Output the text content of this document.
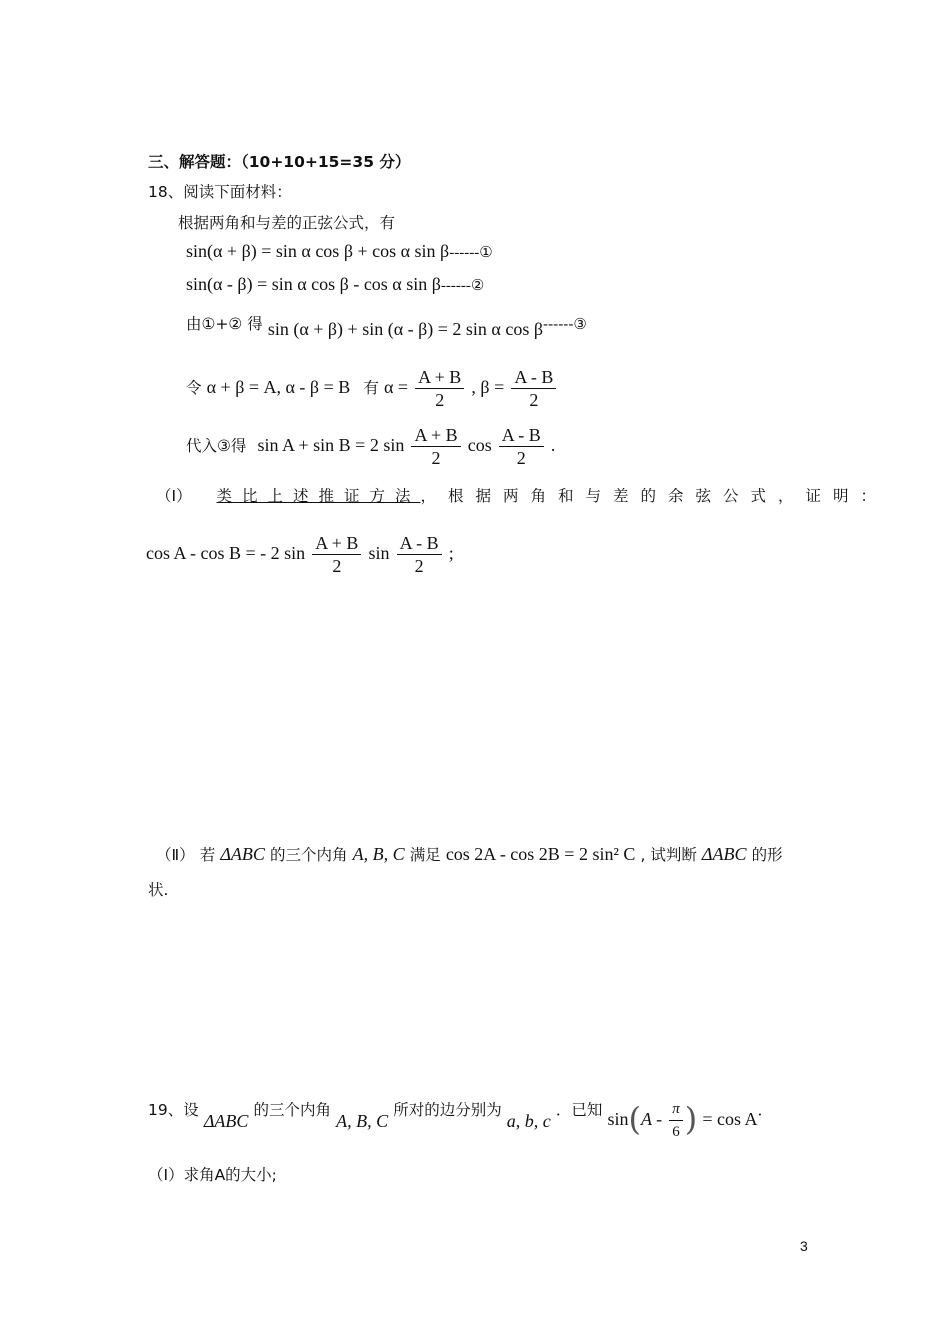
三、解答题：（10+10+15=35 分）
18、阅读下面材料：
根据两角和与差的正弦公式，有
sin(α + β) = sin α cos β + cos α sin β------①
sin(α - β) = sin α cos β - cos α sin β------②
由①+② 得 sin (α + β) + sin (α - β) = 2 sin α cos β------③
令 α + β = A, α - β = B 有 $\alpha = \frac{A + B}{2}$ , $\beta = \frac{A - B}{2}$
代入③得 sin A + sin B = 2 $\sin \frac{A + B}{2}$ $\cos \frac{A - B}{2}$ .
（Ⅰ） 类比上述推证方法，根据两角和与差的余弦公式，证明：
cos A - cos B = - 2 $\sin \frac{A + B}{2}$ $\sin \frac{A - B}{2}$ ;
（Ⅱ） 若 ΔABC 的三个内角 A, B, C 满足 cos 2A - cos 2B = 2 sin² C , 试判断 ΔABC 的形
状.
19、设 ΔABC 的三个内角 A, B, C 所对的边分别为 a, b, c ．已知 $\sin(A - \frac{\pi}{6}$ ) = cos A．
（Ⅰ）求角A的大小;
3
